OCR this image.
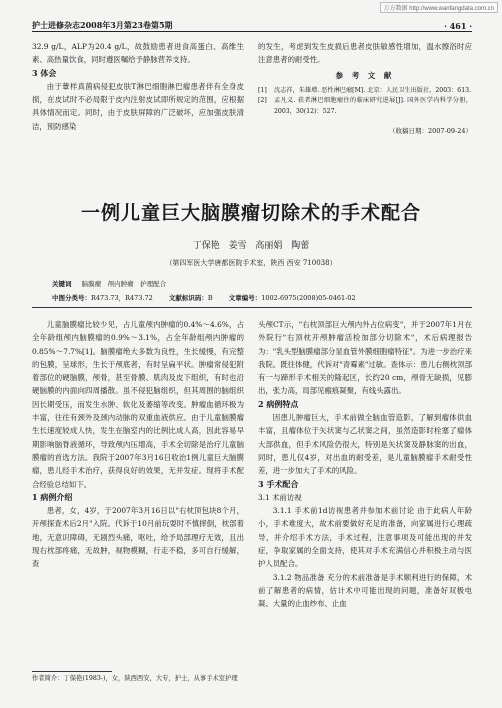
万方数据 http://www.wanfangdata.com.cn
护士进修杂志2008年3月第23卷第5期	· 461 ·

32.9 g/L，ALP为20.4 g/L，故鼓励患者进食高蛋白、高维生素、高热量饮食，同时遵医嘱给予静脉营养支持。

3 体会

由于蕈样真菌病侵犯皮肤T淋巴细胞淋巴瘤患者伴有全身皮损，在皮试时不必局限于皮内注射皮试即所规定的范围，应根据具体情况而定。同时，由于皮肤屏障的广泛破坏，应加强皮肤清洁，预防感染

的发生，考虑到发生皮损后患者皮肤敏感性增加，温水擦浴时应注意患者的耐受性。

参 考 文 献
[1]	沈志祥，朱雄增. 恶性淋巴瘤[M]. 北京：人民卫生出版社，2003：613.
[2]	孟凡义. 获者淋巴细胞瘤住的临床研究进展[J]. 国外医学内科学分册，2003，30(12)：527.
（收稿日期：2007-09-24）
一例儿童巨大脑膜瘤切除术的手术配合
丁保艳 姜雪 高丽娟 陶蕾
（第四军医大学唐都医院手术室，陕西 西安 710038）
关键词 脑膜瘤　颅内肿瘤　护理配合
中图分类号：R473.73，R473.72 文献标识码：B 文章编号：1002-6975(2008)05-0461-02

儿童脑膜瘤比较少见，占儿童颅内肿瘤的0.4%～4.6%，占全年龄组颅内脑膜瘤的0.9%～3.1%，占全年龄组颅内肿瘤的0.85%～7.7%[1]。脑膜瘤绝大多数为良性，生长缓慢，有完整的包膜，呈球形，生长于颅底者，有时呈扁平状。肿瘤常侵犯附着部位的硬脑膜，颅骨，甚至骨膜、肌肉及皮下组织，有时也沿硬脑膜的内面向四周播散。虽不侵犯脑组织，但其周围的脑组织因长期受压，而发生水肿、软化及萎缩等改变。肿瘤血循环极为丰富，往往有颈外及颈内动脉的双重血液供应。由于儿童脑膜瘤生长速度较成人快，发生在脑室内的比例比成人高，因此容易早期影响脑脊液循环，导致颅内压增高，手术全切除是治疗儿童脑膜瘤的首选方法。我院于2007年3月16日收治1例儿童巨大脑膜瘤，患儿经手术治疗，获得良好的效果，无并发症。现将手术配合经验总结如下。

1 病例介绍

患者，女，4岁，于2007年3月16日以"右枕顶包块8个月，开颅探查术后2月"入院。代诉于10月前玩耍时不慎摔倒，枕部着地，无意识障碍，无剧烈头痛，呕吐，给予局部理疗无效，且出现右枕部疼痛，无故肿，视物模糊，行走不稳，多可自行缓解，查

头颅CT示，"右枕顶部巨大颅内外占位病变"，并于2007年1月在外院行"右顶枕开颅肿瘤活检加部分切除术"，术后病理报告为："乳头型脑膜瘤部分显血管外膜细胞瘤特征"。为进一步治疗来我院。既往体健，代诉对"青霉素"过敏。查体示：患儿右侧枕顶部有一与蹄形手术相关的隆起区，长约20 cm，颅骨无缺损，见膨出，张力高，局部见瘢痕凝聚，有线头露出。

2 病例特点

因患儿肿瘤巨大，手术前做全脑血管造影，了解到瘤体供血丰富，且瘤体位于矢状窦与乙状窦之间，虽然造影时栓塞了瘤体大部供血，但手术风险仍很大，特别是矢状窦及静脉窦的出血，同时，患儿仅4岁，对出血的耐受差，是儿童脑膜瘤手术耐受性差，进一步加大了手术的风险。

3 手术配合

3.1 术前访视

3.1.1 手术前1d访视患者并参加术前讨论 由于此病人年龄小，手术难度大，故术前要做好充足的准备，向家属进行心理疏导，并介绍手术方法，手术过程，注意事项及可能出现的并发症，争取家属的全面支持，使其对手术充满信心并积极主动与医护人员配合。

3.1.2 物品准备 充分的术前准备是手术顺利进行的保障，术前了解患者的病情，估计术中可能出现的问题，准备好双极电凝、大量的止血纱布、止血

作者简介：丁保艳(1983-)，女，陕西西安，大专，护士，从事手术室护理
